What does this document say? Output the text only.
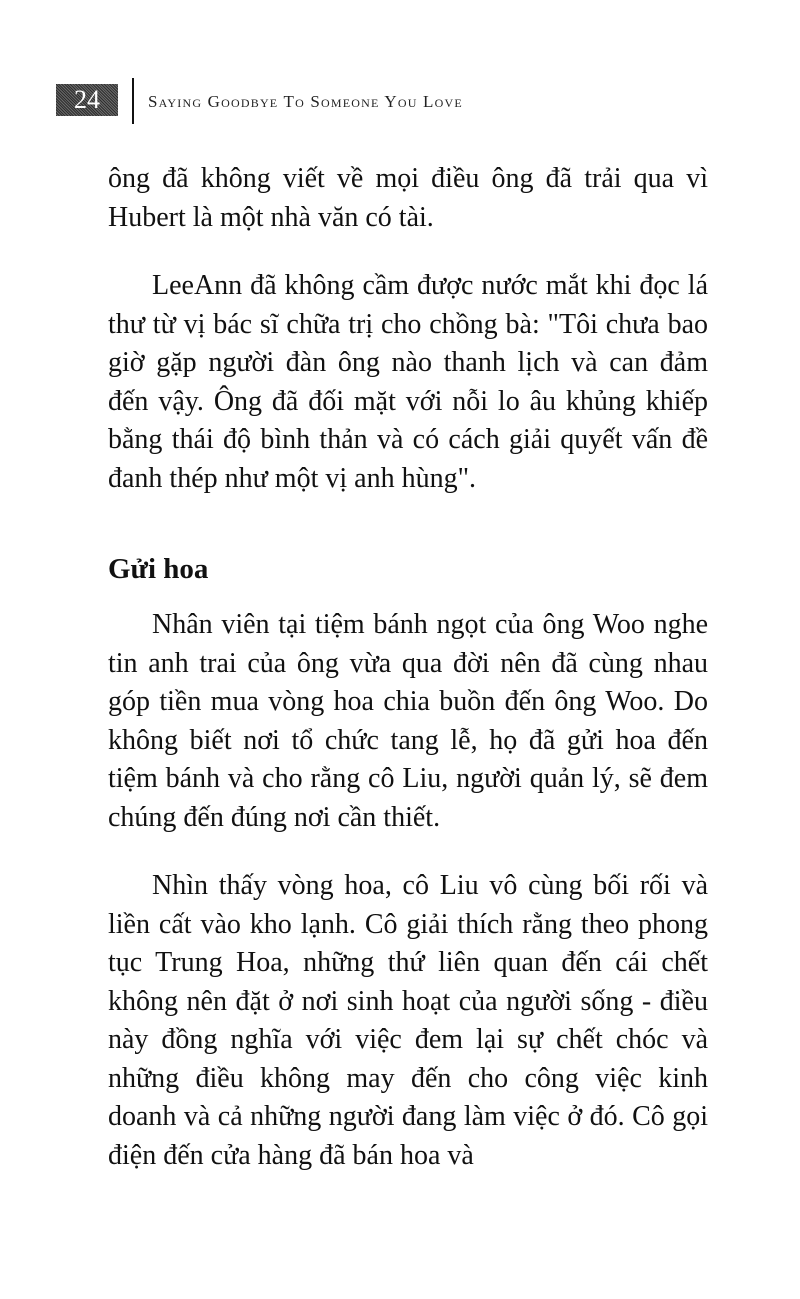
24	Saying Goodbye To Someone You Love

ông đã không viết về mọi điều ông đã trải qua vì Hubert là một nhà văn có tài.

LeeAnn đã không cầm được nước mắt khi đọc lá thư từ vị bác sĩ chữa trị cho chồng bà: "Tôi chưa bao giờ gặp người đàn ông nào thanh lịch và can đảm đến vậy. Ông đã đối mặt với nỗi lo âu khủng khiếp bằng thái độ bình thản và có cách giải quyết vấn đề đanh thép như một vị anh hùng".

Gửi hoa

Nhân viên tại tiệm bánh ngọt của ông Woo nghe tin anh trai của ông vừa qua đời nên đã cùng nhau góp tiền mua vòng hoa chia buồn đến ông Woo. Do không biết nơi tổ chức tang lễ, họ đã gửi hoa đến tiệm bánh và cho rằng cô Liu, người quản lý, sẽ đem chúng đến đúng nơi cần thiết.

Nhìn thấy vòng hoa, cô Liu vô cùng bối rối và liền cất vào kho lạnh. Cô giải thích rằng theo phong tục Trung Hoa, những thứ liên quan đến cái chết không nên đặt ở nơi sinh hoạt của người sống - điều này đồng nghĩa với việc đem lại sự chết chóc và những điều không may đến cho công việc kinh doanh và cả những người đang làm việc ở đó. Cô gọi điện đến cửa hàng đã bán hoa và
